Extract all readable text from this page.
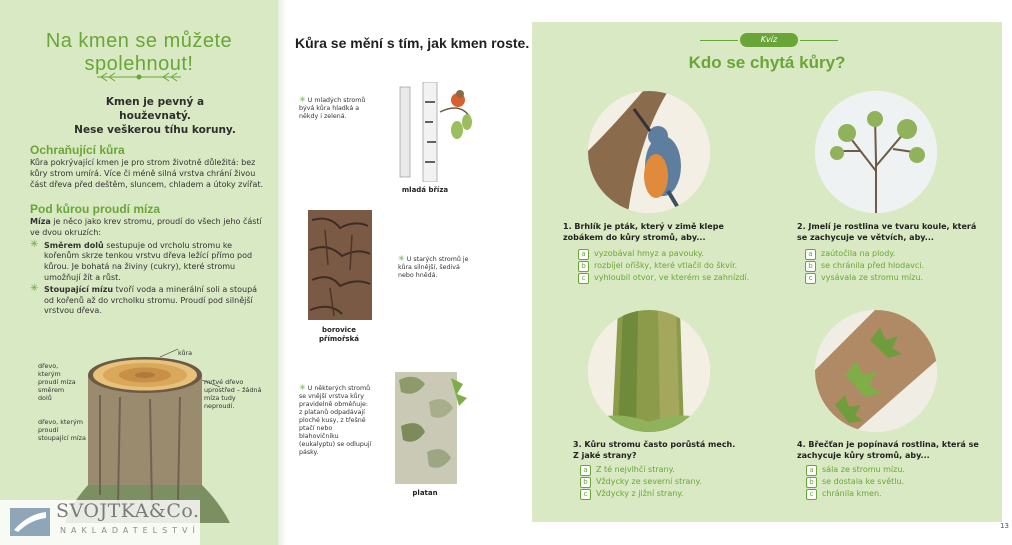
Na kmen se můžete spolehnout!
Kmen je pevný a houževnatý.
Nese veškerou tíhu koruny.
Ochraňující kůra
Kůra pokrývající kmen je pro strom životně důležitá: bez kůry strom umírá. Více či méně silná vrstva chrání živou část dřeva před deštěm, sluncem, chladem a útoky zvířat.
Pod kůrou proudí míza
Míza je něco jako krev stromu, proudí do všech jeho částí ve dvou okruzích:
✳ Směrem dolů sestupuje od vrcholu stromu ke kořenům skrze tenkou vrstvu dřeva ležící přímo pod kůrou. Je bohatá na živiny (cukry), které stromu umožňují žít a růst.
✳ Stoupající mízu tvoří voda a minerální soli a stoupá od kořenů až do vrcholku stromu. Proudí pod silnější vrstvou dřeva.
kůra
dřevo, kterým proudí míza směrem dolů
mrtvé dřevo uprostřed – žádná míza tudy neproudí.
dřevo, kterým proudí stoupající míza
Kůra se mění s tím, jak kmen roste.
✳ U mladých stromů bývá kůra hladká a někdy i zelená.
mladá bříza
✳ U starých stromů je kůra silnější, šedivá nebo hnědá.
borovice přímořská
✳ U některých stromů se vnější vrstva kůry pravidelně obměňuje: z platanů odpadávají ploché kusy, z třešně ptačí nebo blahovičníku (eukalyptu) se odlupují pásky.
platan
Kvíz
Kdo se chytá kůry?
1. Brhlík je pták, který v zimě klepe zobákem do kůry stromů, aby...
a vyzobával hmyz a pavouky.
b rozbíjel oříšky, které vtlačil do škvír.
c vyhloubil otvor, ve kterém se zahnízdí.
2. Jmelí je rostlina ve tvaru koule, která se zachycuje ve větvích, aby...
a zaútočila na plody.
b se chránila před hlodavci.
c vysávala ze stromu mízu.
3. Kůru stromu často porůstá mech. Z jaké strany?
a Z té nejvlhčí strany.
b Vždycky ze severní strany.
c Vždycky z jižní strany.
4. Břečťan je popínavá rostlina, která se zachycuje kůry stromů, aby...
a sála ze stromu mízu.
b se dostala ke světlu.
c chránila kmen.
13
SVOJTKA&Co.
NAKLADATELSTVÍ
